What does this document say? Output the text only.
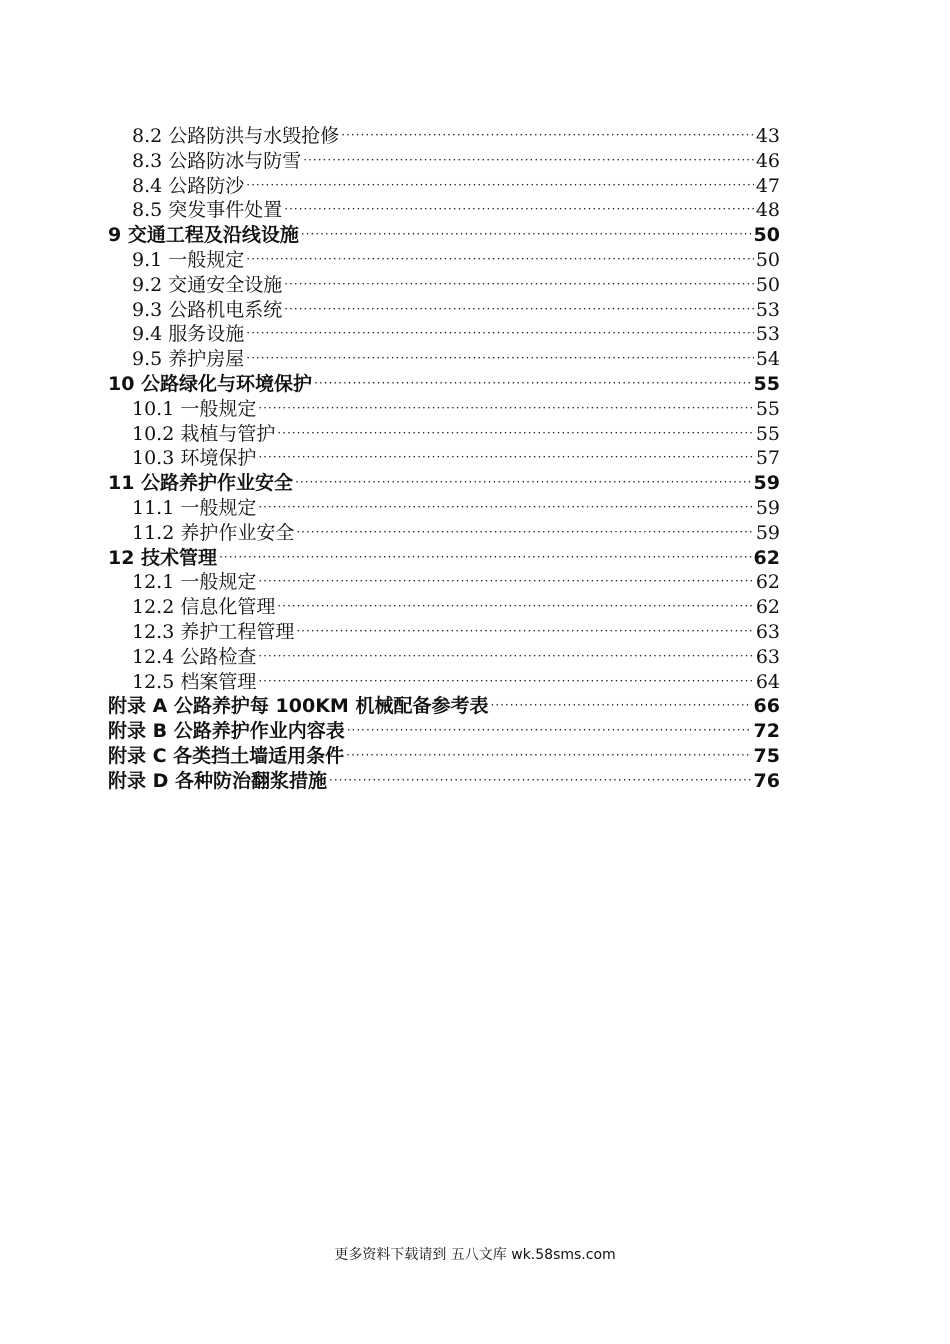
8.2 公路防洪与水毁抢修 ·····	43
8.3 公路防冰与防雪 ·····	46
8.4 公路防沙 ·····	47
8.5 突发事件处置 ·····	48
9 交通工程及沿线设施 ·····	50
9.1 一般规定 ·····	50
9.2 交通安全设施 ·····	50
9.3 公路机电系统 ·····	53
9.4 服务设施 ·····	53
9.5 养护房屋 ·····	54
10 公路绿化与环境保护 ·····	55
10.1 一般规定 ·····	55
10.2 栽植与管护 ·····	55
10.3 环境保护 ·····	57
11 公路养护作业安全 ·····	59
11.1 一般规定 ·····	59
11.2 养护作业安全 ·····	59
12 技术管理 ·····	62
12.1 一般规定 ·····	62
12.2 信息化管理 ·····	62
12.3 养护工程管理 ·····	63
12.4 公路检查 ·····	63
12.5 档案管理 ·····	64
附录 A 公路养护每 100KM 机械配备参考表 ·····	66
附录 B 公路养护作业内容表 ·····	72
附录 C 各类挡土墙适用条件 ·····	75
附录 D 各种防治翻浆措施 ·····	76
更多资料下载请到 五八文库 wk.58sms.com
